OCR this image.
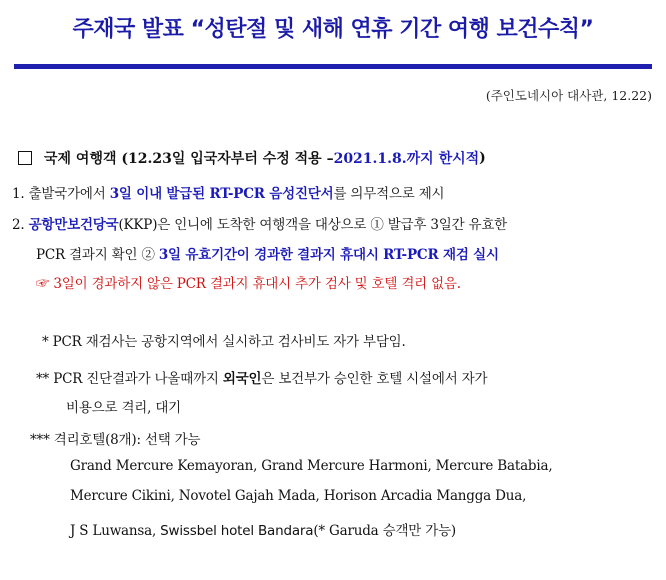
주재국 발표 “성탄절 및 새해 연휴 기간 여행 보건수칙”
(주인도네시아 대사관, 12.22)
국제 여행객 (12.23일 입국자부터 수정 적용 – 2021.1.8.까지 한시적 )
1. 출발국가에서 3일 이내 발급된 RT-PCR 음성진단서를 의무적으로 제시
2. 공항만보건당국(KKP)은 인니에 도착한 여행객을 대상으로 ① 발급후 3일간 유효한
PCR 결과지 확인 ② 3일 유효기간이 경과한 결과지 휴대시 RT-PCR 재검 실시
☞ 3일이 경과하지 않은 PCR 결과지 휴대시 추가 검사 및 호텔 격리 없음.
* PCR 재검사는 공항지역에서 실시하고 검사비도 자가 부담임.
** PCR 진단결과가 나올때까지 외국인은 보건부가 승인한 호텔 시설에서 자가
비용으로 격리, 대기
*** 격리호텔(8개): 선택 가능
Grand Mercure Kemayoran, Grand Mercure Harmoni, Mercure Batabia,
Mercure Cikini, Novotel Gajah Mada, Horison Arcadia Mangga Dua,
J S Luwansa, Swissbel hotel Bandara(* Garuda 승객만 가능)
